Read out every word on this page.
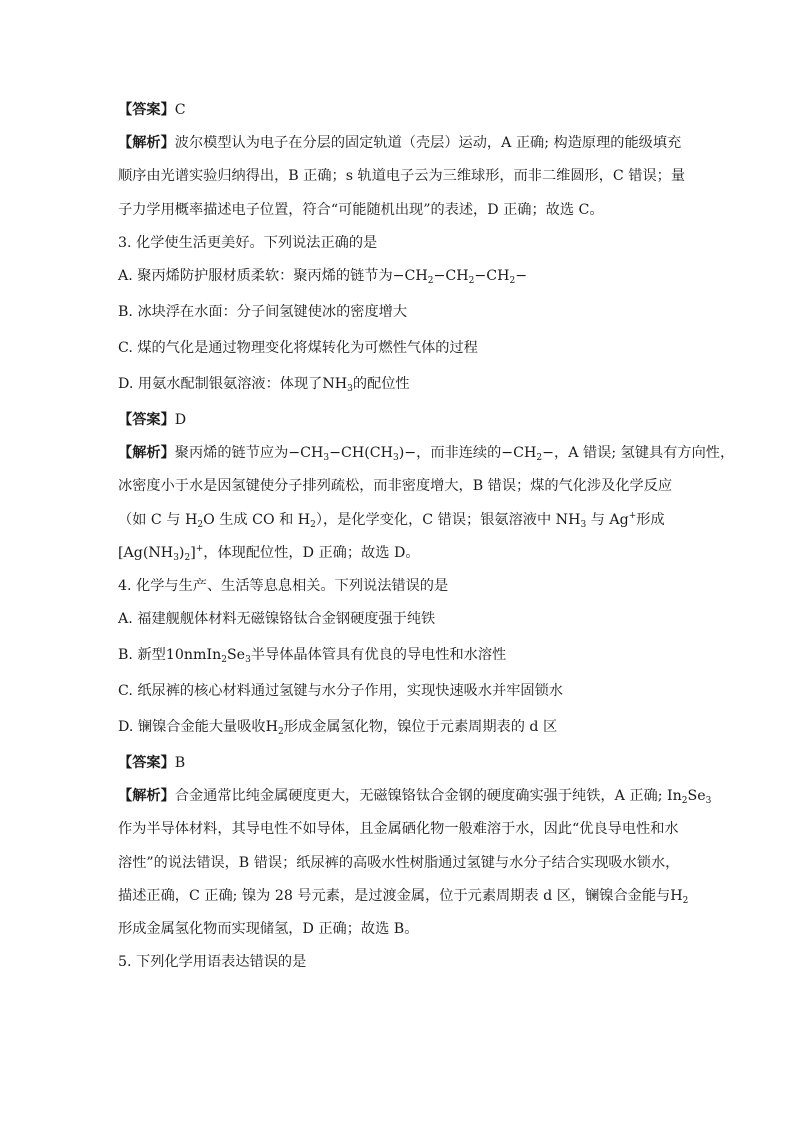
【答案】C

【解析】波尔模型认为电子在分层的固定轨道（壳层）运动，A 正确; 构造原理的能级填充

顺序由光谱实验归纳得出，B 正确；s 轨道电子云为三维球形，而非二维圆形，C 错误；量

子力学用概率描述电子位置，符合“可能随机出现”的表述，D 正确；故选 C。

3. 化学使生活更美好。下列说法正确的是

A. 聚丙烯防护服材质柔软：聚丙烯的链节为$-CH_2-CH_2-CH_2-$

B. 冰块浮在水面：分子间氢键使冰的密度增大

C. 煤的气化是通过物理变化将煤转化为可燃性气体的过程

D. 用氨水配制银氨溶液：体现了$NH_3$的配位性

【答案】D

【解析】聚丙烯的链节应为$-CH_3-CH(CH_3)-$，而非连续的$-CH_2-$，A 错误; 氢键具有方向性，

冰密度小于水是因氢键使分子排列疏松，而非密度增大，B 错误；煤的气化涉及化学反应

（如 C 与 $H_2O$ 生成 CO 和 $H_2$），是化学变化，C 错误；银氨溶液中 $NH_3$ 与 Ag+形成

$[Ag(NH_3)_2]^+$，体现配位性，D 正确；故选 D。

4. 化学与生产、生活等息息相关。下列说法错误的是

A. 福建舰舰体材料无磁镍铬钛合金钢硬度强于纯铁

B. 新型$10nmIn_2Se_3$半导体晶体管具有优良的导电性和水溶性

C. 纸尿裤的核心材料通过氢键与水分子作用，实现快速吸水并牢固锁水

D. 镧镍合金能大量吸收$H_2$形成金属氢化物，镍位于元素周期表的 d 区

【答案】B

【解析】合金通常比纯金属硬度更大，无磁镍铬钛合金钢的硬度确实强于纯铁，A 正确; $In_2Se_3$

作为半导体材料，其导电性不如导体，且金属硒化物一般难溶于水，因此“优良导电性和水

溶性”的说法错误，B 错误；纸尿裤的高吸水性树脂通过氢键与水分子结合实现吸水锁水，

描述正确，C 正确; 镍为 28 号元素，是过渡金属，位于元素周期表 d 区，镧镍合金能与$H_2$

形成金属氢化物而实现储氢，D 正确；故选 B。

5. 下列化学用语表达错误的是
